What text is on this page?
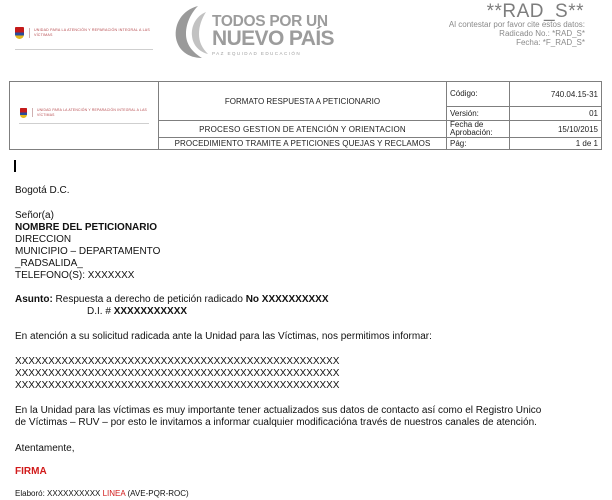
UNIDAD PARA LA ATENCIÓN Y REPARACIÓN INTEGRAL A LAS VÍCTIMAS
TODOS POR UN
NUEVO PAÍS
PAZ EQUIDAD EDUCACIÓN
**RAD_S**
Al contestar por favor cite estos datos:
Radicado No.: *RAD_S*
Fecha: *F_RAD_S*
UNIDAD PARA LA ATENCIÓN Y REPARACIÓN INTEGRAL A LAS VÍCTIMAS	FORMATO RESPUESTA A PETICIONARIO	Código:	740.04.15-31
		Versión:	01
	PROCESO GESTION DE ATENCIÓN Y ORIENTACION	Fecha de Aprobación:	15/10/2015
	PROCEDIMIENTO TRAMITE A PETICIONES QUEJAS Y RECLAMOS	Pág:	1 de 1
Bogotá D.C.
Señor(a)
NOMBRE DEL PETICIONARIO
DIRECCION
MUNICIPIO – DEPARTAMENTO
_RADSALIDA_
TELEFONO(S): XXXXXXX
Asunto: Respuesta a derecho de petición radicado No XXXXXXXXXX
D.I. # XXXXXXXXXXX
En atención a su solicitud radicada ante la Unidad para las Víctimas, nos permitimos informar:
XXXXXXXXXXXXXXXXXXXXXXXXXXXXXXXXXXXXXXXXXXXXXXXXX
XXXXXXXXXXXXXXXXXXXXXXXXXXXXXXXXXXXXXXXXXXXXXXXXX
XXXXXXXXXXXXXXXXXXXXXXXXXXXXXXXXXXXXXXXXXXXXXXXXX
En la Unidad para las víctimas es muy importante tener actualizados sus datos de contacto así como el Registro Unico
de Víctimas – RUV – por esto le invitamos a informar cualquier modificacióna través de nuestros canales de atención.
Atentamente,
FIRMA
Elaboró: XXXXXXXXXX LINEA (AVE-PQR-ROC)
